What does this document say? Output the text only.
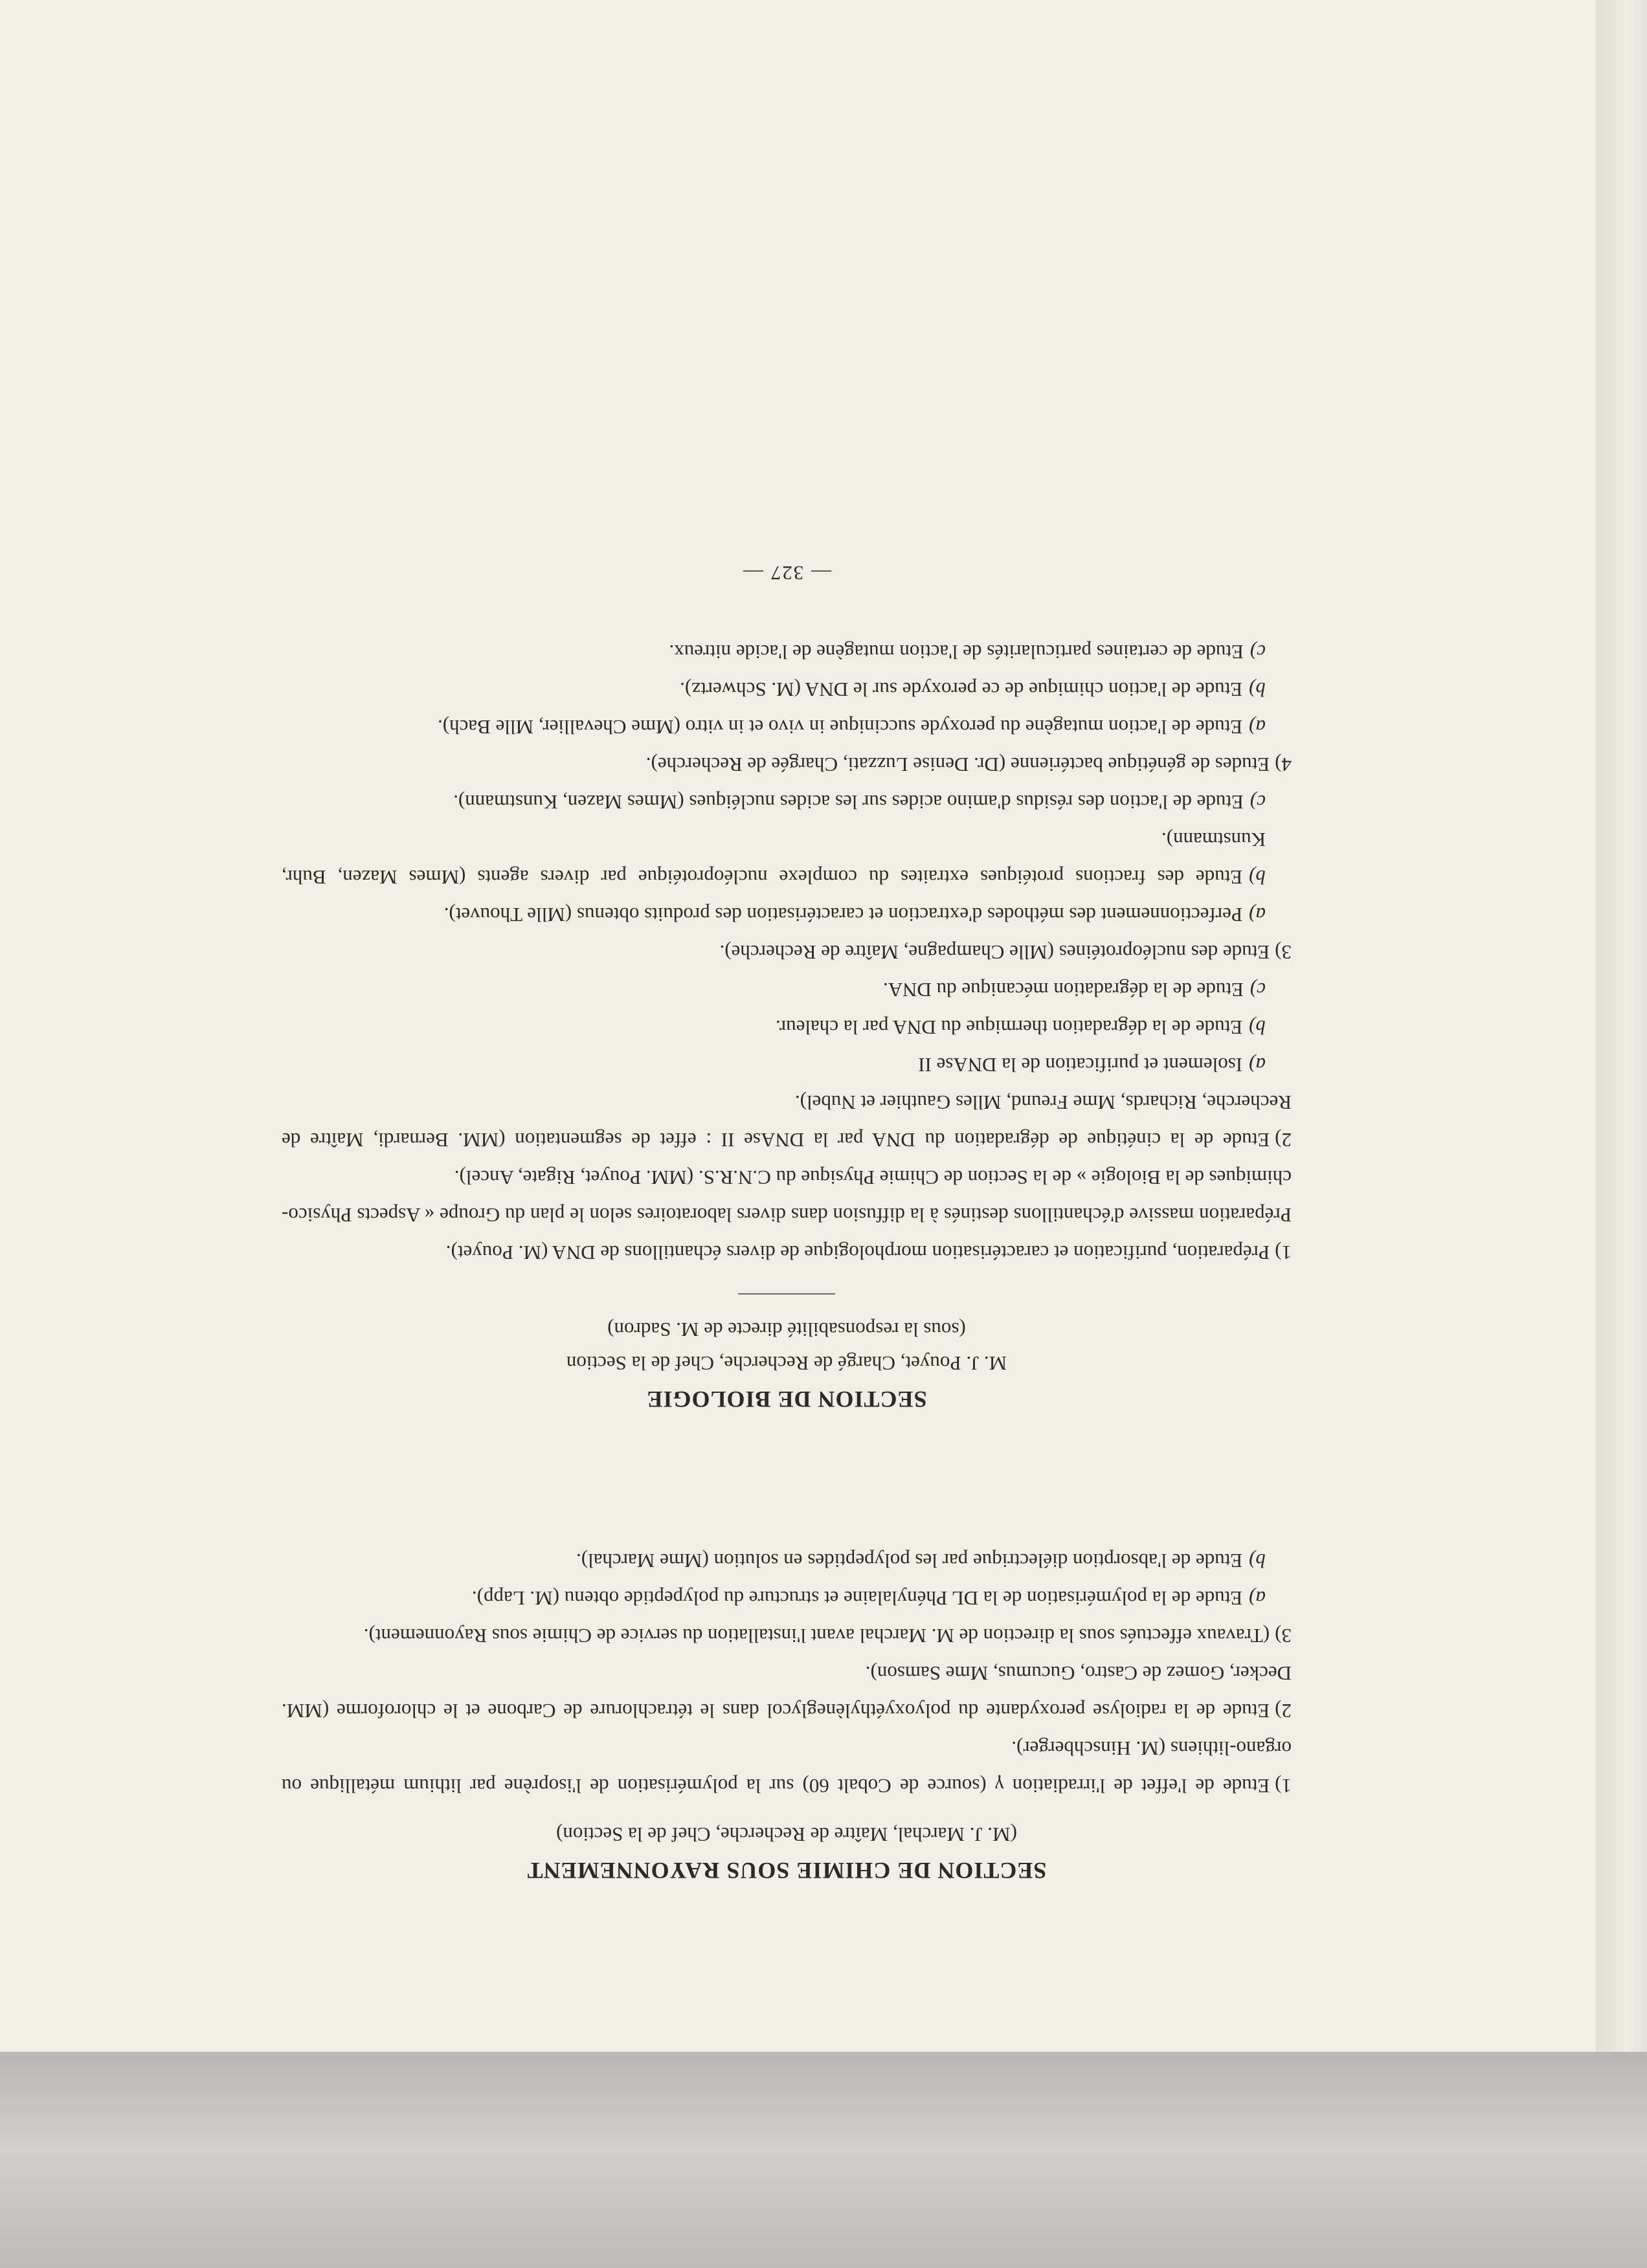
SECTION DE CHIMIE SOUS RAYONNEMENT

(M. J. Marchal, Maître de Recherche, Chef de la Section)

1)Etude de l'effet de l'irradiation γ (source de Cobalt 60) sur la polymérisation de l'isoprène par lithium métallique ou organo-lithiens (M. Hinschberger).

2)Etude de la radiolyse peroxydante du polyoxyéthylèneglycol dans le tétrachlorure de Carbone et le chloroforme (MM. Decker, Gomez de Castro, Gucumus, Mme Samson).

3)(Travaux effectués sous la direction de M. Marchal avant l'installation du service de Chimie sous Rayonnement).

a)Etude de la polymérisation de la DL Phénylalaine et structure du polypeptide obtenu (M. Lapp).

b)Etude de l'absorption diélectrique par les polypeptides en solution (Mme Marchal).

SECTION DE BIOLOGIE

M. J. Pouyet, Chargé de Recherche, Chef de la Section

(sous la responsabilité directe de M. Sadron)

1)Préparation, purification et caractérisation morphologique de divers échantillons de DNA (M. Pouyet).

Préparation massive d'échantillons destinés à la diffusion dans divers laboratoires selon le plan du Groupe « Aspects Physico-chimiques de la Biologie » de la Section de Chimie Physique du C.N.R.S. (MM. Pouyet, Rigate, Ancel).

2)Etude de la cinétique de dégradation du DNA par la DNAse II : effet de segmentation (MM. Bernardi, Maître de Recherche, Richards, Mme Freund, Mlles Gauthier et Nubel).

a)Isolement et purification de la DNAse II

b)Etude de la dégradation thermique du DNA par la chaleur.

c)Etude de la dégradation mécanique du DNA.

3)Etude des nucléoprotéines (Mlle Champagne, Maître de Recherche).

a)Perfectionnement des méthodes d'extraction et caractérisation des produits obtenus (Mlle Thouvet).

b)Etude des fractions protéiques extraites du complexe nucléoprotéique par divers agents (Mmes Mazen, Buhr, Kunstmann).

c)Etude de l'action des résidus d'amino acides sur les acides nucléiques (Mmes Mazen, Kunstmann).

4)Etudes de génétique bactérienne (Dr. Denise Luzzati, Chargée de Recherche).

a)Etude de l'action mutagène du peroxyde succinique in vivo et in vitro (Mme Chevallier, Mlle Bach).

b)Etude de l'action chimique de ce peroxyde sur le DNA (M. Schwertz).

c)Etude de certaines particularités de l'action mutagène de l'acide nitreux.

— 327 —
